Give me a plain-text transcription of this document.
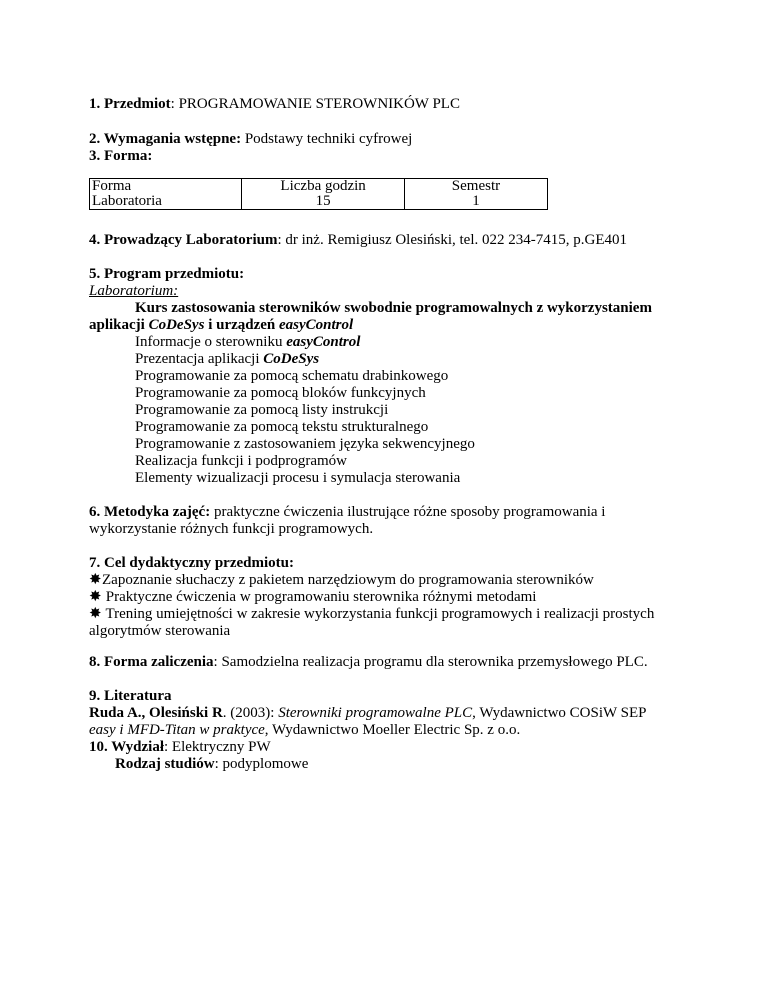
1. Przedmiot: PROGRAMOWANIE STEROWNIKÓW PLC
2. Wymagania wstępne: Podstawy techniki cyfrowej
3. Forma:
Forma	Liczba godzin	Semestr
Laboratoria	15	1
4. Prowadzący Laboratorium: dr inż. Remigiusz Olesiński, tel. 022 234-7415, p.GE401
5. Program przedmiotu:
Laboratorium:
Kurs zastosowania sterowników swobodnie programowalnych z wykorzystaniem
aplikacji CoDeSys i urządzeń easyControl
Informacje o sterowniku easyControl
Prezentacja aplikacji CoDeSys
Programowanie za pomocą schematu drabinkowego
Programowanie za pomocą bloków funkcyjnych
Programowanie za pomocą listy instrukcji
Programowanie za pomocą tekstu strukturalnego
Programowanie z zastosowaniem języka sekwencyjnego
Realizacja funkcji i podprogramów
Elementy wizualizacji procesu i symulacja sterowania
6. Metodyka zajęć: praktyczne ćwiczenia ilustrujące różne sposoby programowania i
wykorzystanie różnych funkcji programowych.
7. Cel dydaktyczny przedmiotu:
✸Zapoznanie słuchaczy z pakietem narzędziowym do programowania sterowników
✸ Praktyczne ćwiczenia w programowaniu sterownika różnymi metodami
✸ Trening umiejętności w zakresie wykorzystania funkcji programowych i realizacji prostych
algorytmów sterowania
8. Forma zaliczenia: Samodzielna realizacja programu dla sterownika przemysłowego PLC.
9. Literatura
Ruda A., Olesiński R. (2003): Sterowniki programowalne PLC, Wydawnictwo COSiW SEP
easy i MFD-Titan w praktyce, Wydawnictwo Moeller Electric Sp. z o.o.
10. Wydział: Elektryczny PW
Rodzaj studiów: podyplomowe
